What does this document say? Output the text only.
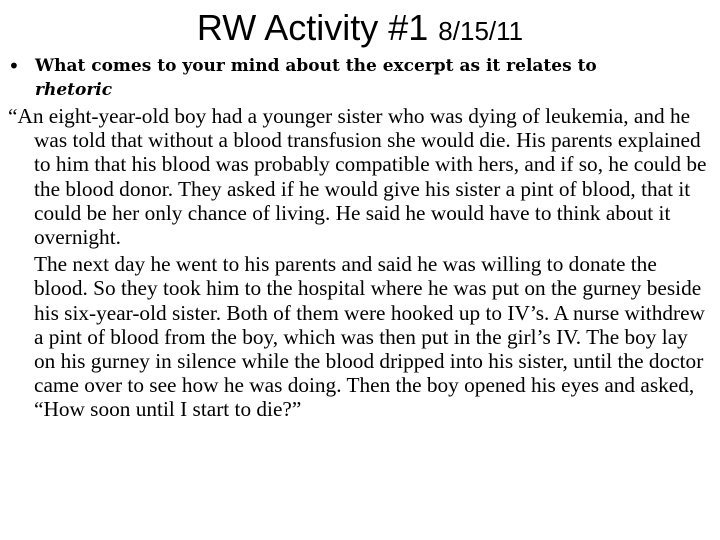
RW Activity #1 8/15/11
• What comes to your mind about the excerpt as it relates to
rhetoric

“An eight-year-old boy had a younger sister who was dying of leukemia, and he was told that without a blood transfusion she would die. His parents explained to him that his blood was probably compatible with hers, and if so, he could be the blood donor. They asked if he would give his sister a pint of blood, that it could be her only chance of living. He said he would have to think about it overnight.

The next day he went to his parents and said he was willing to donate the blood. So they took him to the hospital where he was put on the gurney beside his six-year-old sister. Both of them were hooked up to IV’s. A nurse withdrew a pint of blood from the boy, which was then put in the girl’s IV. The boy lay on his gurney in silence while the blood dripped into his sister, until the doctor came over to see how he was doing. Then the boy opened his eyes and asked, “How soon until I start to die?”
